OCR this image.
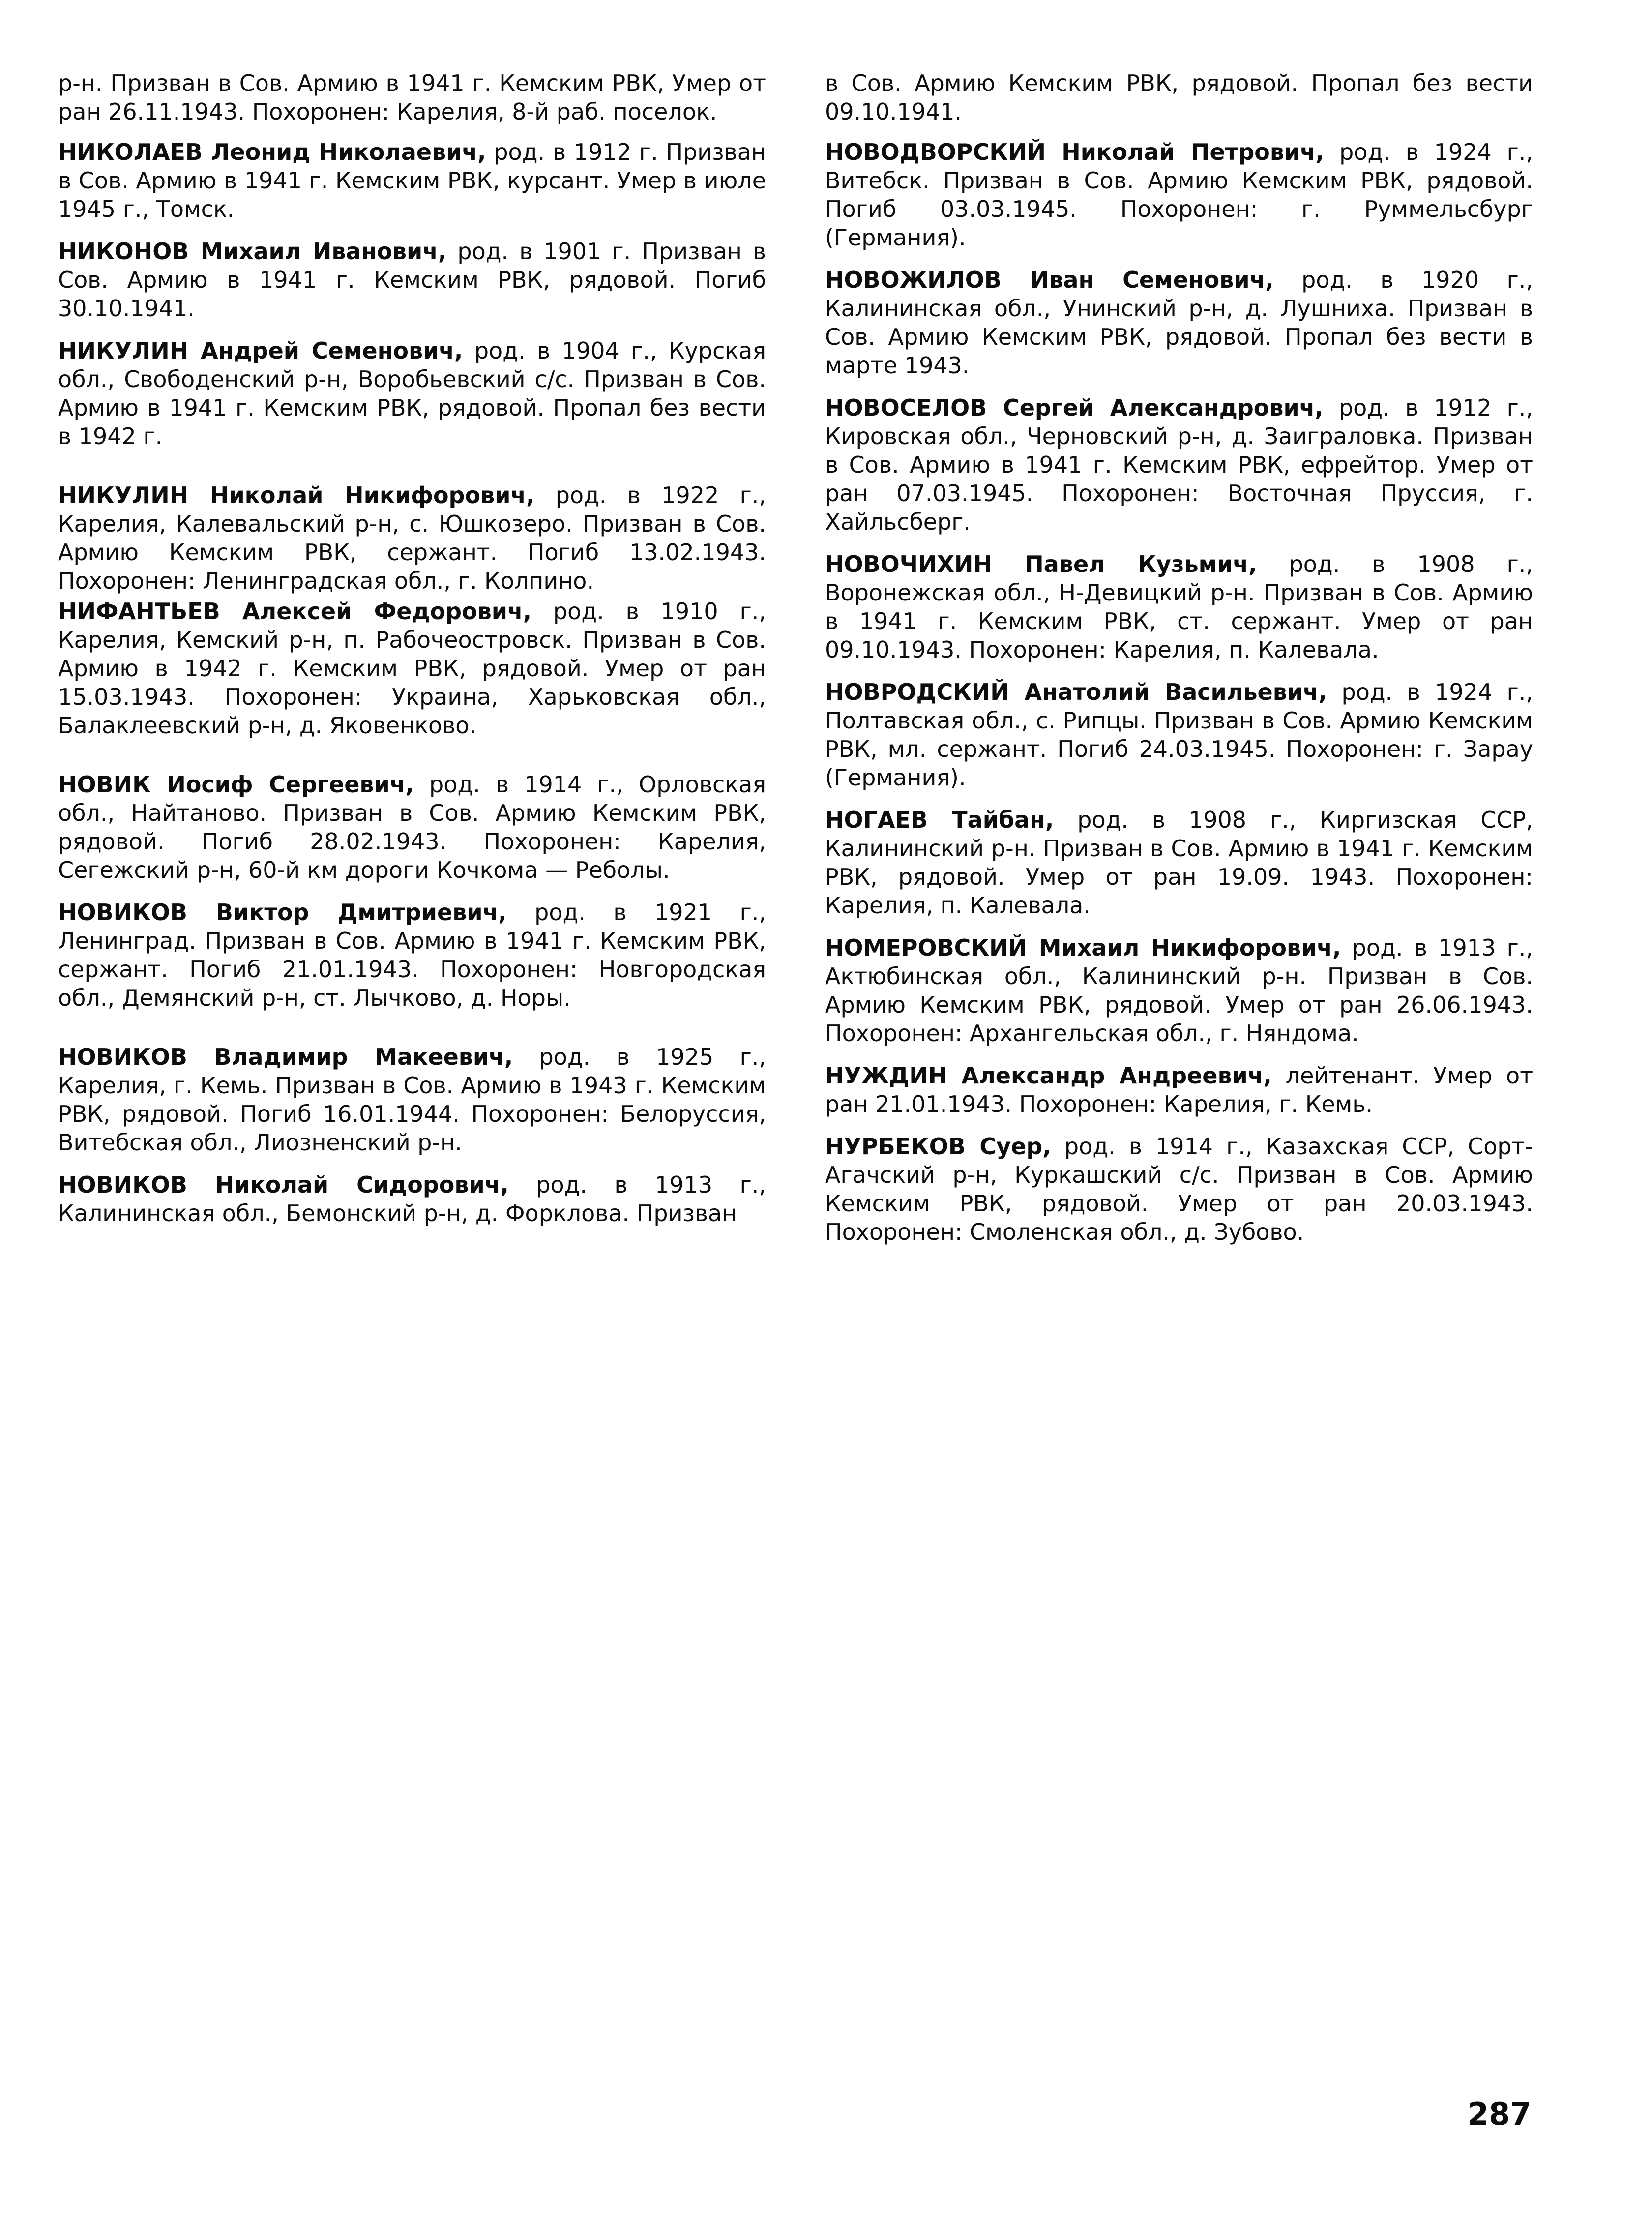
р-н. Призван в Сов. Армию в 1941 г. Кемским РВК, Умер от ран 26.11.1943. Похоронен: Карелия, 8-й раб. поселок.

НИКОЛАЕВ Леонид Николаевич, род. в 1912 г. Призван в Сов. Армию в 1941 г. Кемским РВК, курсант. Умер в июле 1945 г., Томск.

НИКОНОВ Михаил Иванович, род. в 1901 г. Призван в Сов. Армию в 1941 г. Кемским РВК, рядовой. Погиб 30.10.1941.

НИКУЛИН Андрей Семенович, род. в 1904 г., Курская обл., Свободенский р-н, Воробьевский с/с. Призван в Сов. Армию в 1941 г. Кемским РВК, рядовой. Пропал без вести в 1942 г.

НИКУЛИН Николай Никифорович, род. в 1922 г., Карелия, Калевальский р-н, с. Юшкозеро. Призван в Сов. Армию Кемским РВК, сержант. Погиб 13.02.1943. Похоронен: Ленинградская обл., г. Колпино.

НИФАНТЬЕВ Алексей Федорович, род. в 1910 г., Карелия, Кемский р-н, п. Рабочеостровск. Призван в Сов. Армию в 1942 г. Кемским РВК, рядовой. Умер от ран 15.03.1943. Похоронен: Украина, Харьковская обл., Балаклеевский р-н, д. Яковенково.

НОВИК Иосиф Сергеевич, род. в 1914 г., Орловская обл., Найтаново. Призван в Сов. Армию Кемским РВК, рядовой. Погиб 28.02.1943. Похоронен: Карелия, Сегежский р-н, 60-й км дороги Кочкома — Реболы.

НОВИКОВ Виктор Дмитриевич, род. в 1921 г., Ленинград. Призван в Сов. Армию в 1941 г. Кемским РВК, сержант. Погиб 21.01.1943. Похоронен: Новгородская обл., Демянский р-н, ст. Лычково, д. Норы.

НОВИКОВ Владимир Макеевич, род. в 1925 г., Карелия, г. Кемь. Призван в Сов. Армию в 1943 г. Кемским РВК, рядовой. Погиб 16.01.1944. Похоронен: Белоруссия, Витебская обл., Лиозненский р-н.

НОВИКОВ Николай Сидорович, род. в 1913 г., Калининская обл., Бемонский р-н, д. Форклова. Призван

в Сов. Армию Кемским РВК, рядовой. Пропал без вести 09.10.1941.

НОВОДВОРСКИЙ Николай Петрович, род. в 1924 г., Витебск. Призван в Сов. Армию Кемским РВК, рядовой. Погиб 03.03.1945. Похоронен: г. Руммельсбург (Германия).

НОВОЖИЛОВ Иван Семенович, род. в 1920 г., Калининская обл., Унинский р-н, д. Лушниха. Призван в Сов. Армию Кемским РВК, рядовой. Пропал без вести в марте 1943.

НОВОСЕЛОВ Сергей Александрович, род. в 1912 г., Кировская обл., Черновский р-н, д. Заиграловка. Призван в Сов. Армию в 1941 г. Кемским РВК, ефрейтор. Умер от ран 07.03.1945. Похоронен: Восточная Пруссия, г. Хайльсберг.

НОВОЧИХИН Павел Кузьмич, род. в 1908 г., Воронежская обл., Н-Девицкий р-н. Призван в Сов. Армию в 1941 г. Кемским РВК, ст. сержант. Умер от ран 09.10.1943. Похоронен: Карелия, п. Калевала.

НОВРОДСКИЙ Анатолий Васильевич, род. в 1924 г., Полтавская обл., с. Рипцы. Призван в Сов. Армию Кемским РВК, мл. сержант. Погиб 24.03.1945. Похоронен: г. Зарау (Германия).

НОГАЕВ Тайбан, род. в 1908 г., Киргизская ССР, Калининский р-н. Призван в Сов. Армию в 1941 г. Кемским РВК, рядовой. Умер от ран 19.09. 1943. Похоронен: Карелия, п. Калевала.

НОМЕРОВСКИЙ Михаил Никифорович, род. в 1913 г., Актюбинская обл., Калининский р-н. Призван в Сов. Армию Кемским РВК, рядовой. Умер от ран 26.06.1943. Похоронен: Архангельская обл., г. Няндома.

НУЖДИН Александр Андреевич, лейтенант. Умер от ран 21.01.1943. Похоронен: Карелия, г. Кемь.

НУРБЕКОВ Суер, род. в 1914 г., Казахская ССР, Сорт-Агачский р-н, Куркашский с/с. Призван в Сов. Армию Кемским РВК, рядовой. Умер от ран 20.03.1943. Похоронен: Смоленская обл., д. Зубово.

287
